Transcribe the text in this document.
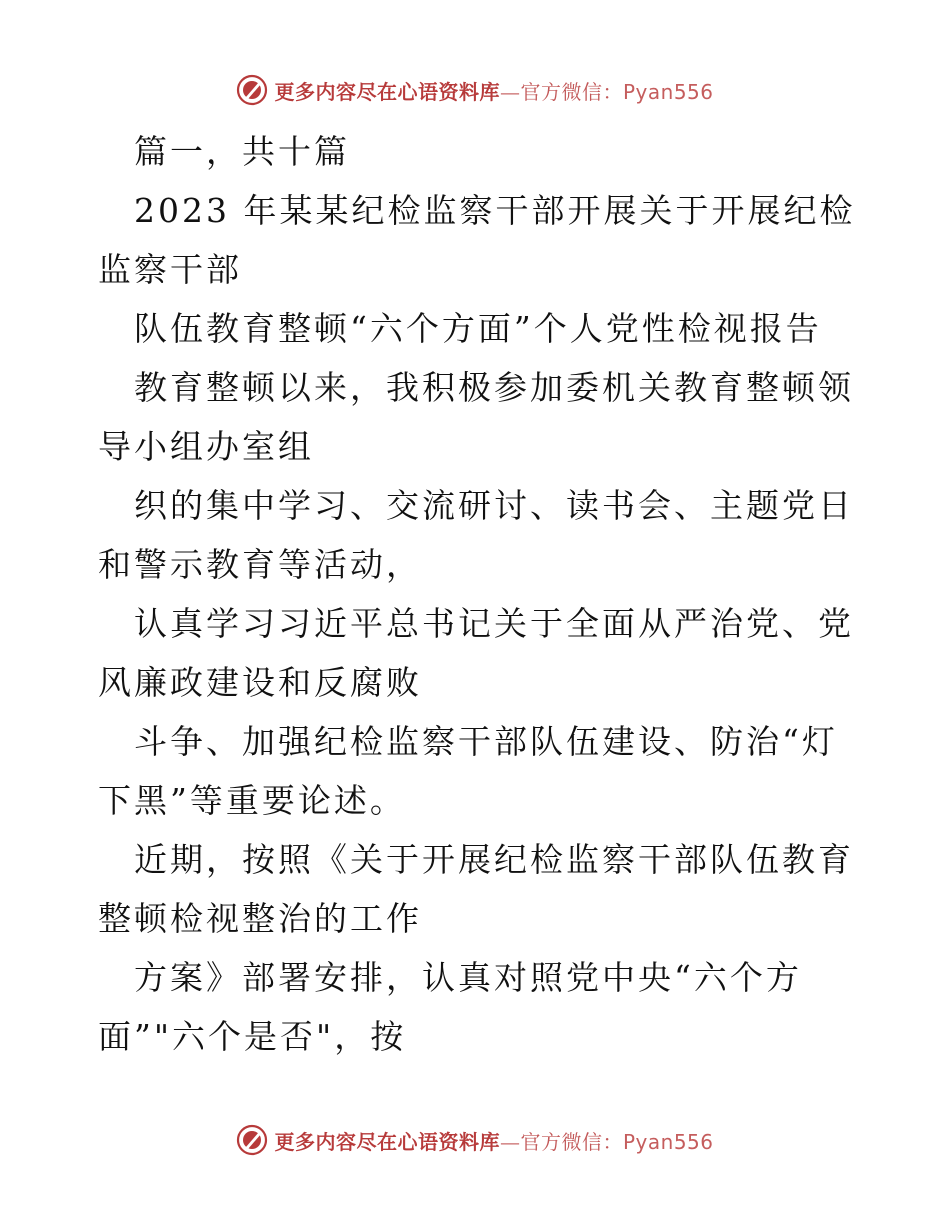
更多内容尽在心语资料库—官方微信：Pyan556

篇一，共十篇

2023 年某某纪检监察干部开展关于开展纪检监察干部

队伍教育整顿“六个方面”个人党性检视报告

教育整顿以来，我积极参加委机关教育整顿领导小组办室组

织的集中学习、交流研讨、读书会、主题党日和警示教育等活动，

认真学习习近平总书记关于全面从严治党、党风廉政建设和反腐败

斗争、加强纪检监察干部队伍建设、防治“灯下黑”等重要论述。

近期，按照《关于开展纪检监察干部队伍教育整顿检视整治的工作

方案》部署安排，认真对照党中央“六个方面”"六个是否"，按

更多内容尽在心语资料库—官方微信：Pyan556
